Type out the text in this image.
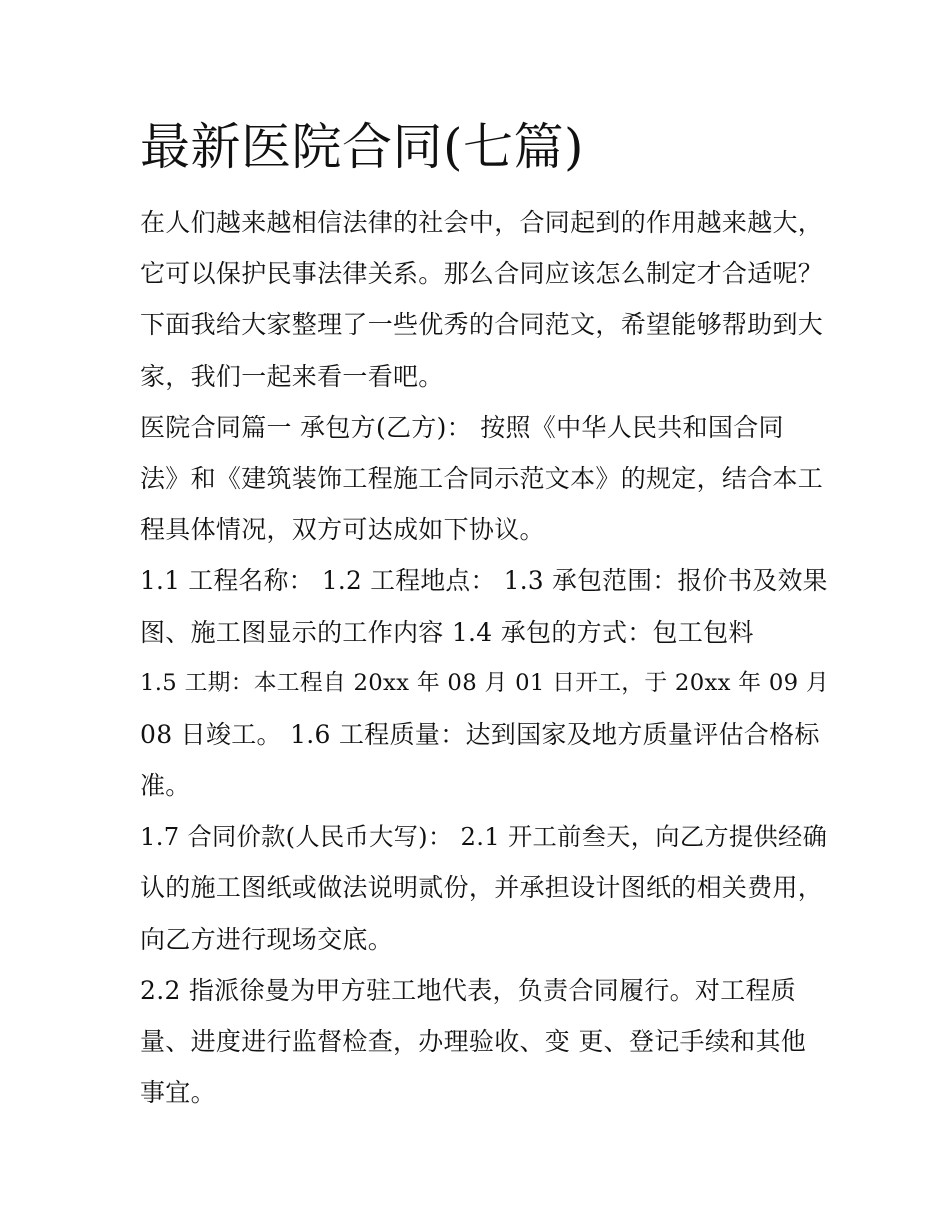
最新医院合同(七篇)
在人们越来越相信法律的社会中，合同起到的作用越来越大，
它可以保护民事法律关系。那么合同应该怎么制定才合适呢？
下面我给大家整理了一些优秀的合同范文，希望能够帮助到大
家，我们一起来看一看吧。
医院合同篇一 承包方(乙方)： 按照《中华人民共和国合同
法》和《建筑装饰工程施工合同示范文本》的规定，结合本工
程具体情况，双方可达成如下协议。
1.1 工程名称： 1.2 工程地点： 1.3 承包范围：报价书及效果
图、施工图显示的工作内容 1.4 承包的方式：包工包料
1.5 工期：本工程自 20xx 年 08 月 01 日开工，于 20xx 年 09 月
08 日竣工。 1.6 工程质量：达到国家及地方质量评估合格标
准。
1.7 合同价款(人民币大写)： 2.1 开工前叁天，向乙方提供经确
认的施工图纸或做法说明贰份，并承担设计图纸的相关费用，
向乙方进行现场交底。
2.2 指派徐曼为甲方驻工地代表，负责合同履行。对工程质
量、进度进行监督检查，办理验收、变 更、登记手续和其他
事宜。
